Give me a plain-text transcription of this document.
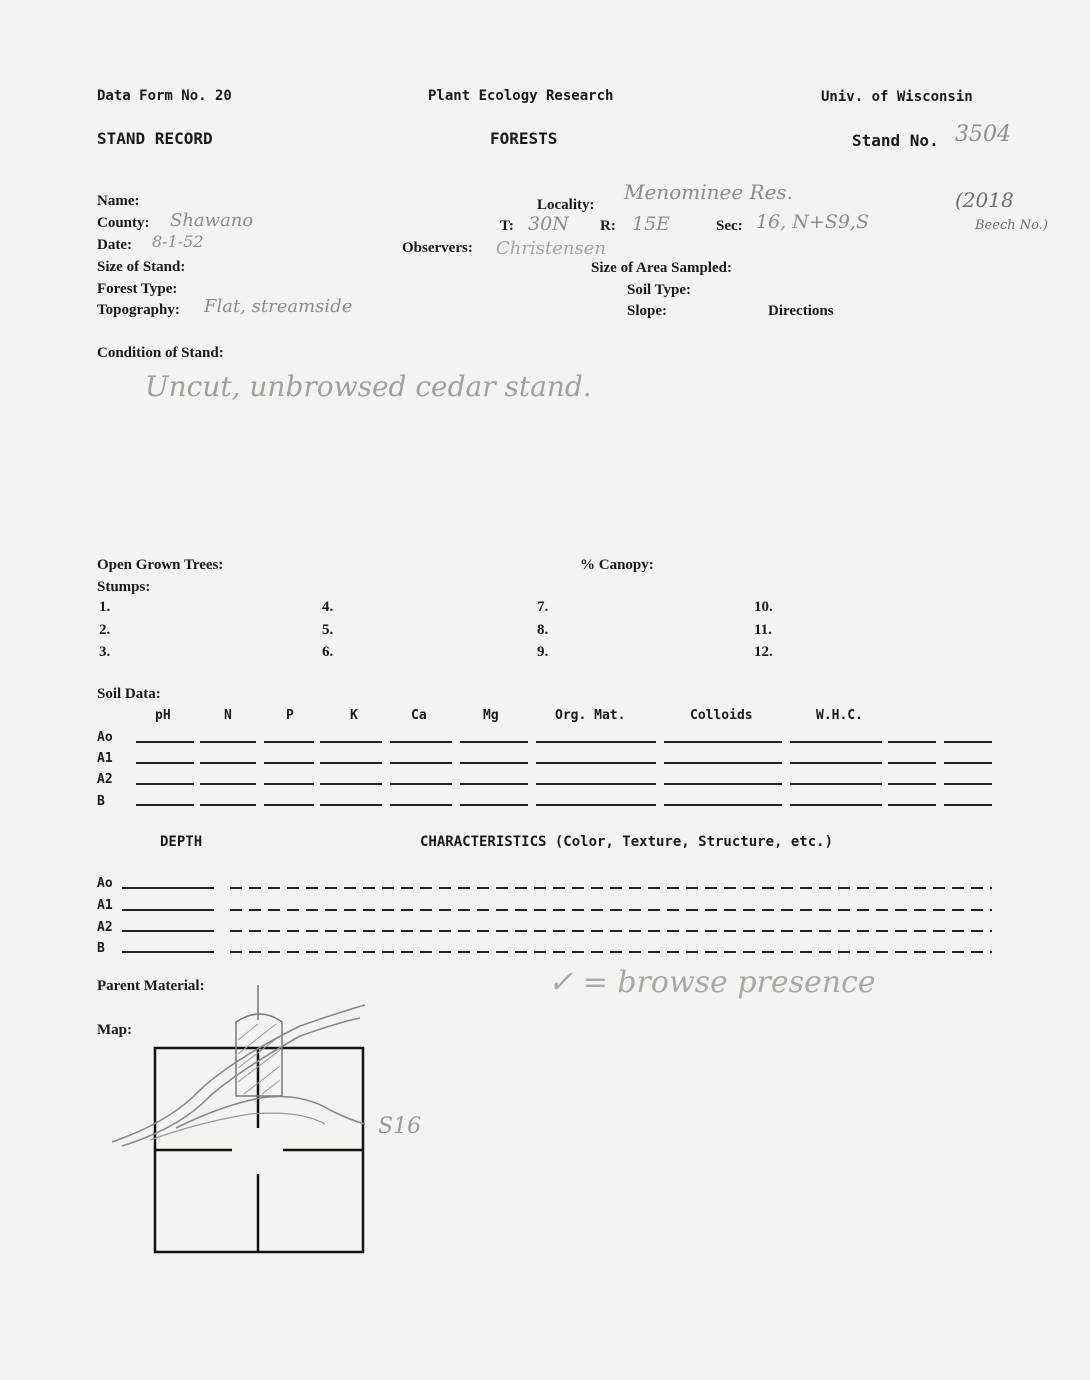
Data Form No. 20	Plant Ecology Research	Univ. of Wisconsin
STAND RECORD	FORESTS	Stand No. 3504
Name:
County: Shawano
Date: 8-1-52
Size of Stand:
Forest Type:
Topography: Flat, streamside
Locality:
Menominee Res.
T: 30N R: 15E	Sec: 16, N+S9,S
(2018
Beech No.)
Observers: Christensen
Size of Area Sampled:
Soil Type:
Slope:	Directions
Condition of Stand:
Uncut, unbrowsed cedar stand.
Open Grown Trees:	% Canopy:
Stumps:
1.
2.
3.
4.
5.
6.
7.
8.
9.
10.
11.
12.
Soil Data:
pH	N	P	K	Ca	Mg	Org. Mat.	Colloids	W.H.C.
Ao
A1
A2
B
DEPTH	CHARACTERISTICS (Color, Texture, Structure, etc.)
Ao
A1
A2
B
Parent Material:	✓ = browse presence
Map:
S16
